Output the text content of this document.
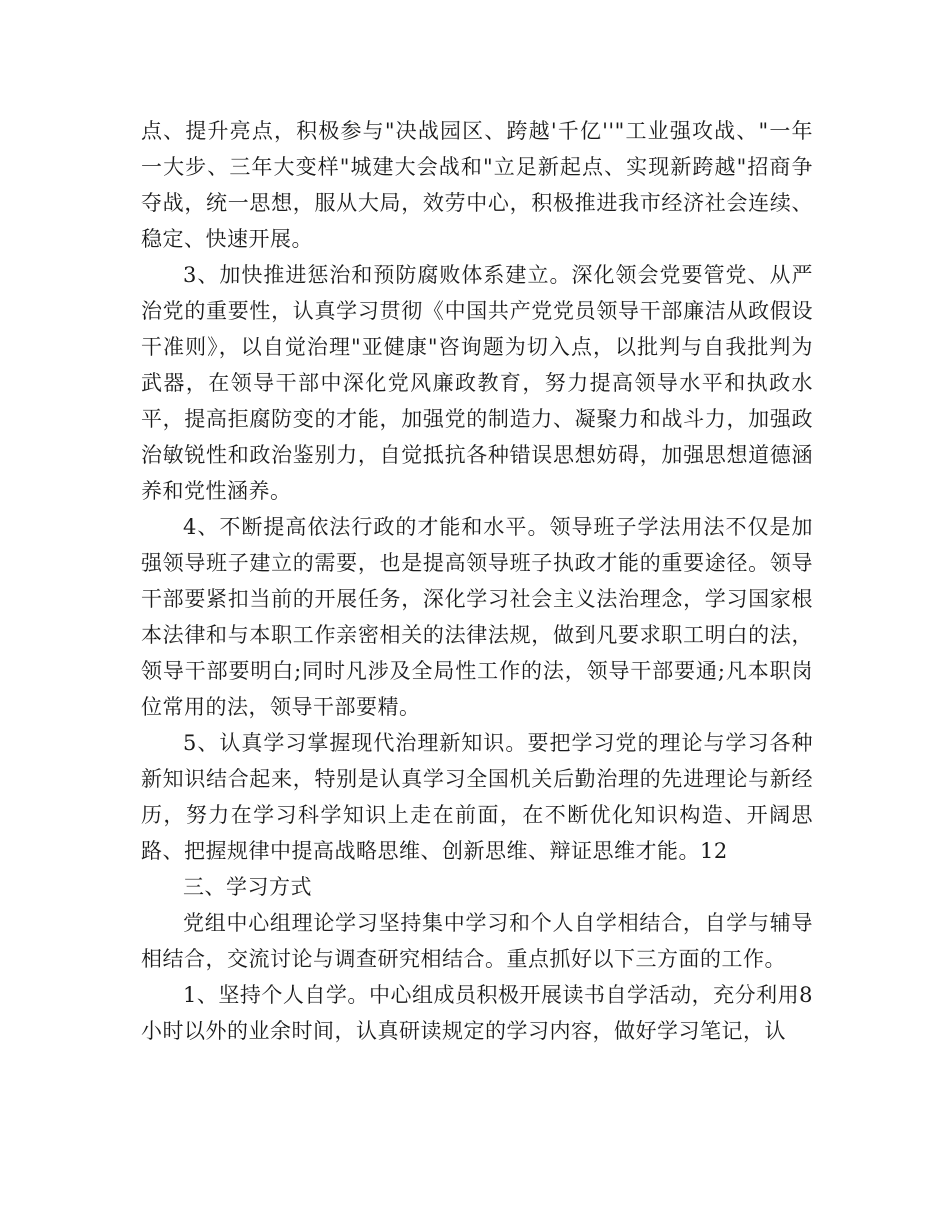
点、提升亮点，积极参与"决战园区、跨越'千亿''"工业强攻战、"一年一大步、三年大变样"城建大会战和"立足新起点、实现新跨越"招商争夺战，统一思想，服从大局，效劳中心，积极推进我市经济社会连续、稳定、快速开展。

3、加快推进惩治和预防腐败体系建立。深化领会党要管党、从严治党的重要性，认真学习贯彻《中国共产党党员领导干部廉洁从政假设干准则》，以自觉治理"亚健康"咨询题为切入点，以批判与自我批判为武器，在领导干部中深化党风廉政教育，努力提高领导水平和执政水平，提高拒腐防变的才能，加强党的制造力、凝聚力和战斗力，加强政治敏锐性和政治鉴别力，自觉抵抗各种错误思想妨碍，加强思想道德涵养和党性涵养。

4、不断提高依法行政的才能和水平。领导班子学法用法不仅是加强领导班子建立的需要，也是提高领导班子执政才能的重要途径。领导干部要紧扣当前的开展任务，深化学习社会主义法治理念，学习国家根本法律和与本职工作亲密相关的法律法规，做到凡要求职工明白的法，领导干部要明白;同时凡涉及全局性工作的法，领导干部要通;凡本职岗位常用的法，领导干部要精。

5、认真学习掌握现代治理新知识。要把学习党的理论与学习各种新知识结合起来，特别是认真学习全国机关后勤治理的先进理论与新经历，努力在学习科学知识上走在前面，在不断优化知识构造、开阔思路、把握规律中提高战略思维、创新思维、辩证思维才能。12

三、学习方式

党组中心组理论学习坚持集中学习和个人自学相结合，自学与辅导相结合，交流讨论与调查研究相结合。重点抓好以下三方面的工作。

1、坚持个人自学。中心组成员积极开展读书自学活动，充分利用8小时以外的业余时间，认真研读规定的学习内容，做好学习笔记，认
